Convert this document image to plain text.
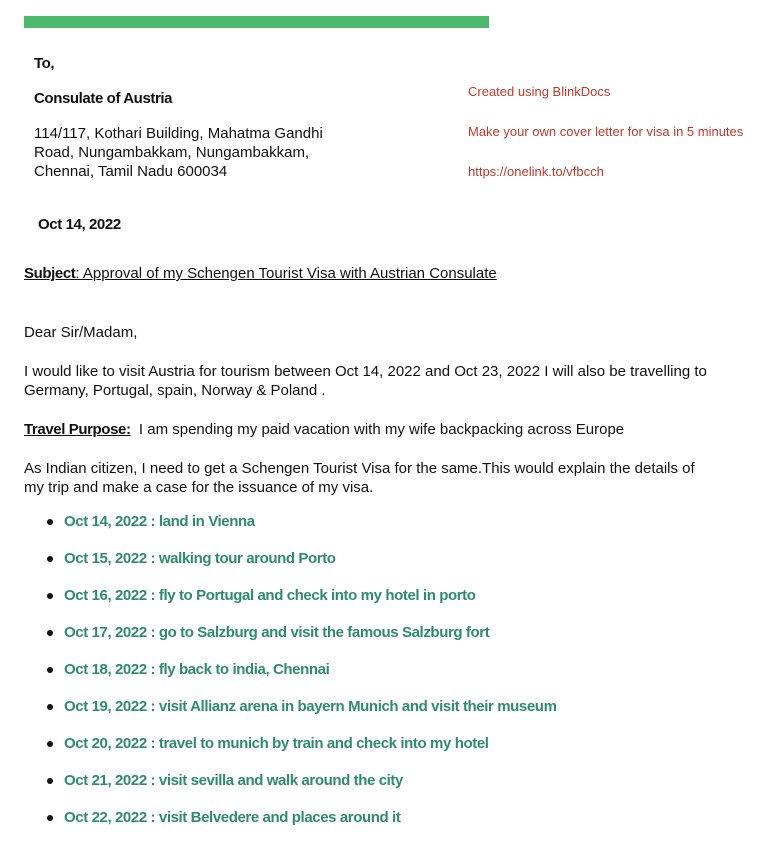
To,
Consulate of Austria
114/117, Kothari Building, Mahatma Gandhi Road, Nungambakkam, Nungambakkam, Chennai, Tamil Nadu 600034
Oct 14, 2022
Created using BlinkDocs
Make your own cover letter for visa in 5 minutes
https://onelink.to/vfbcch
Subject: Approval of my Schengen Tourist Visa with Austrian Consulate
Dear Sir/Madam,
I would like to visit Austria for tourism between Oct 14, 2022 and Oct 23, 2022 I will also be travelling to Germany, Portugal, spain, Norway & Poland .
Travel Purpose: I am spending my paid vacation with my wife backpacking across Europe
As Indian citizen, I need to get a Schengen Tourist Visa for the same.This would explain the details of my trip and make a case for the issuance of my visa.
Oct 14, 2022 : land in Vienna
Oct 15, 2022 : walking tour around Porto
Oct 16, 2022 : fly to Portugal and check into my hotel in porto
Oct 17, 2022 : go to Salzburg and visit the famous Salzburg fort
Oct 18, 2022 : fly back to india, Chennai
Oct 19, 2022 : visit Allianz arena in bayern Munich and visit their museum
Oct 20, 2022 : travel to munich by train and check into my hotel
Oct 21, 2022 : visit sevilla and walk around the city
Oct 22, 2022 : visit Belvedere and places around it
